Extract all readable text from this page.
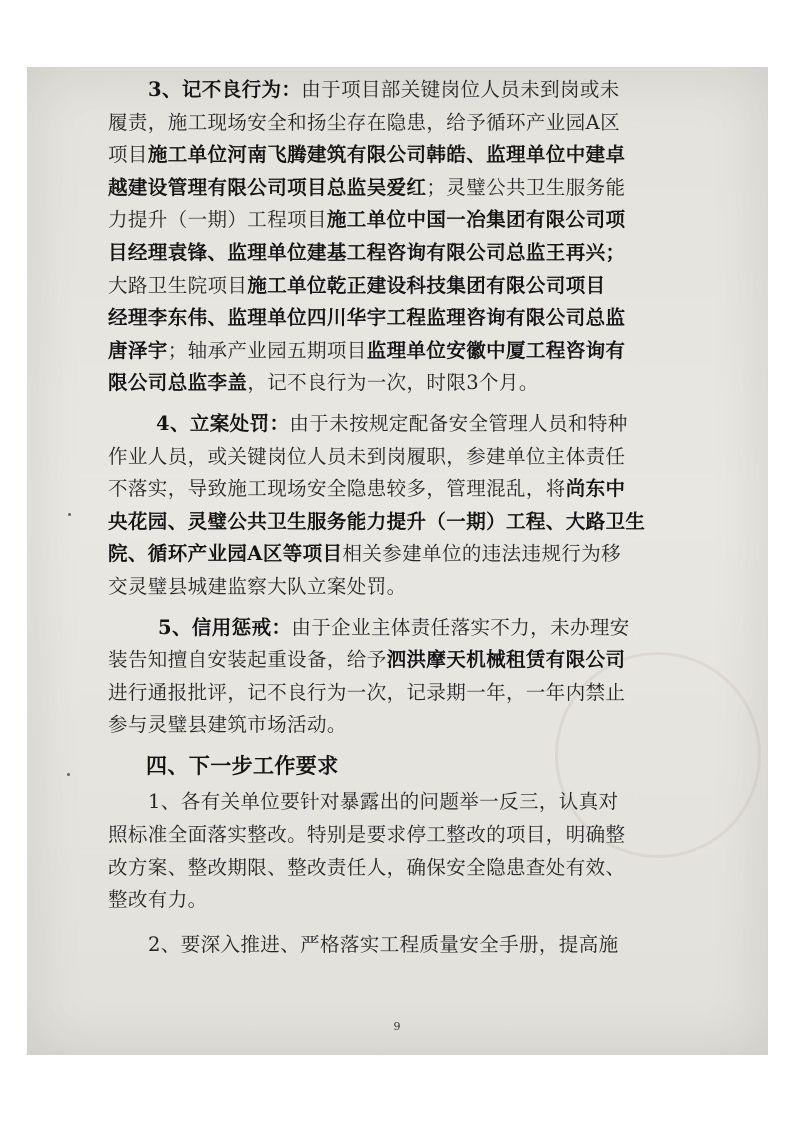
3、记不良行为：由于项目部关键岗位人员未到岗或未
履责，施工现场安全和扬尘存在隐患，给予循环产业园A区
项目施工单位河南飞腾建筑有限公司韩皓、监理单位中建卓
越建设管理有限公司项目总监吴爱红；灵璧公共卫生服务能
力提升（一期）工程项目施工单位中国一冶集团有限公司项
目经理袁锋、监理单位建基工程咨询有限公司总监王再兴；
大路卫生院项目施工单位乾正建设科技集团有限公司项目
经理李东伟、监理单位四川华宇工程监理咨询有限公司总监
唐泽宇；轴承产业园五期项目监理单位安徽中厦工程咨询有
限公司总监李盖，记不良行为一次，时限3个月。
4、立案处罚：由于未按规定配备安全管理人员和特种
作业人员，或关键岗位人员未到岗履职，参建单位主体责任
不落实，导致施工现场安全隐患较多，管理混乱，将尚东中
央花园、灵璧公共卫生服务能力提升（一期）工程、大路卫生
院、循环产业园A区等项目相关参建单位的违法违规行为移
交灵璧县城建监察大队立案处罚。
5、信用惩戒：由于企业主体责任落实不力，未办理安
装告知擅自安装起重设备，给予泗洪摩天机械租赁有限公司
进行通报批评，记不良行为一次，记录期一年，一年内禁止
参与灵璧县建筑市场活动。
四、下一步工作要求
1、各有关单位要针对暴露出的问题举一反三，认真对
照标准全面落实整改。特别是要求停工整改的项目，明确整
改方案、整改期限、整改责任人，确保安全隐患查处有效、
整改有力。
2、要深入推进、严格落实工程质量安全手册，提高施
9
